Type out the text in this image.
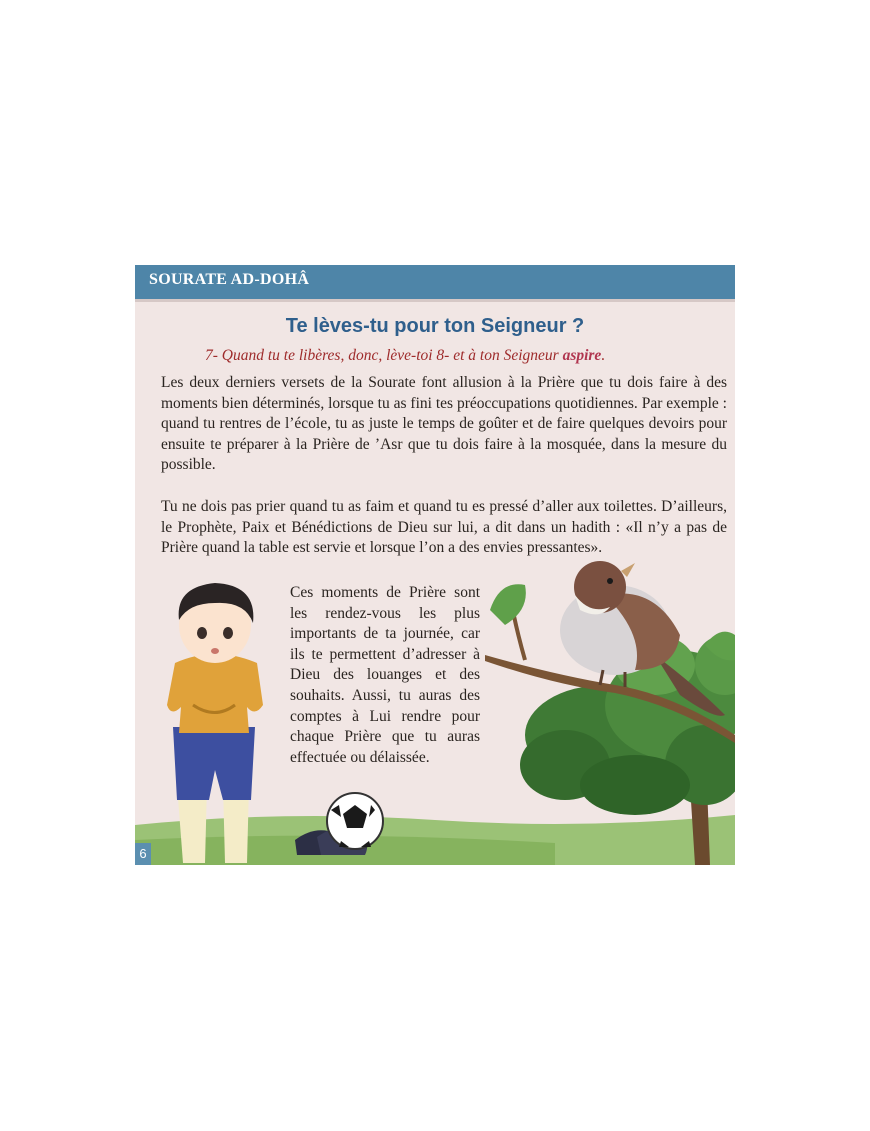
SOURATE AD-DOHÂ
Te lèves-tu pour ton Seigneur ?
7- Quand tu te libères, donc, lève-toi 8- et à ton Seigneur aspire.

Les deux derniers versets de la Sourate font allusion à la Prière que tu dois faire à des moments bien déterminés, lorsque tu as fini tes préoccupations quotidiennes. Par exemple : quand tu rentres de l’école, tu as juste le temps de goûter et de faire quelques devoirs pour ensuite te préparer à la Prière de ’Asr que tu dois faire à la mosquée, dans la mesure du possible.

Tu ne dois pas prier quand tu as faim et quand tu es pressé d’aller aux toilettes. D’ailleurs, le Prophète, Paix et Bénédictions de Dieu sur lui, a dit dans un hadith : «Il n’y a pas de Prière quand la table est servie et lorsque l’on a des envies pressantes».

Ces moments de Prière sont les rendez-vous les plus importants de ta journée, car ils te permettent d’adresser à Dieu des louanges et des souhaits. Aussi, tu auras des comptes à Lui rendre pour chaque Prière que tu auras effectuée ou délaissée.

6
